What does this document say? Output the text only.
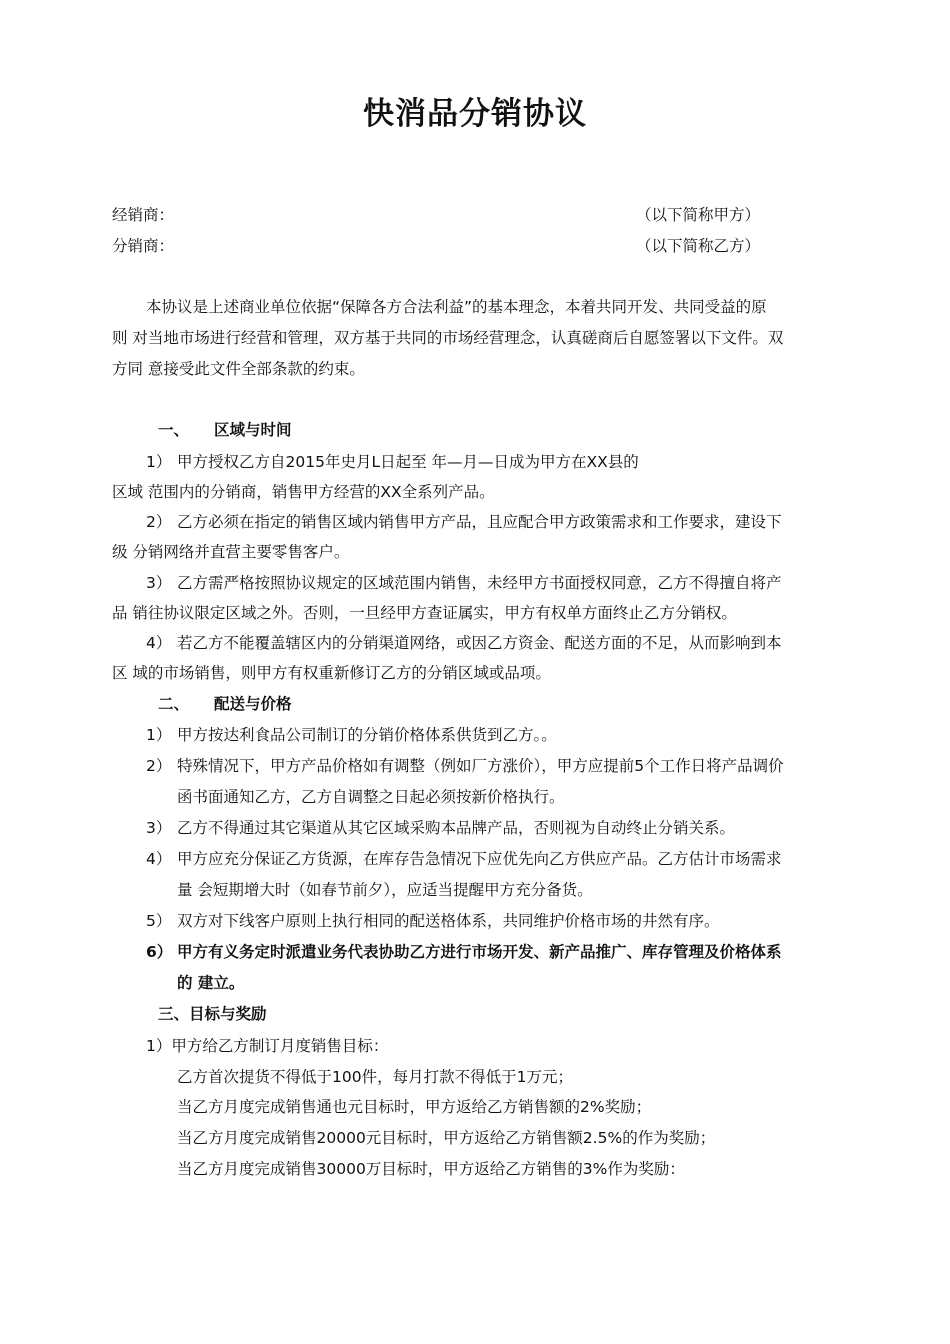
快消品分销协议
经销商：	（以下简称甲方）
分销商：	（以下简称乙方）
本协议是上述商业单位依据“保障各方合法利益”的基本理念，本着共同开发、共同受益的原
则 对当地市场进行经营和管理，双方基于共同的市场经营理念，认真磋商后自愿签署以下文件。双
方同 意接受此文件全部条款的约束。
一、 区域与时间
1） 甲方授权乙方自2015年史月L日起至 年—月—日成为甲方在XX县的
区域 范围内的分销商，销售甲方经营的XX全系列产品。
2） 乙方必须在指定的销售区域内销售甲方产品，且应配合甲方政策需求和工作要求，建设下
级 分销网络并直营主要零售客户。
3） 乙方需严格按照协议规定的区域范围内销售，未经甲方书面授权同意，乙方不得擅自将产
品 销往协议限定区域之外。否则，一旦经甲方查证属实，甲方有权单方面终止乙方分销权。
4） 若乙方不能覆盖辖区内的分销渠道网络，或因乙方资金、配送方面的不足，从而影响到本
区 域的市场销售，则甲方有权重新修订乙方的分销区域或品项。
二、 配送与价格
1） 甲方按达利食品公司制订的分销价格体系供货到乙方。。
2） 特殊情况下，甲方产品价格如有调整（例如厂方涨价），甲方应提前5个工作日将产品调价
函书面通知乙方，乙方自调整之日起必须按新价格执行。
3） 乙方不得通过其它渠道从其它区域采购本品牌产品，否则视为自动终止分销关系。
4） 甲方应充分保证乙方货源，在库存告急情况下应优先向乙方供应产品。乙方估计市场需求
量 会短期增大时（如春节前夕），应适当提醒甲方充分备货。
5） 双方对下线客户原则上执行相同的配送格体系，共同维护价格市场的井然有序。
6） 甲方有义务定时派遣业务代表协助乙方进行市场开发、新产品推广、库存管理及价格体系
的 建立。
三、目标与奖励
1）甲方给乙方制订月度销售目标：
乙方首次提货不得低于100件，每月打款不得低于1万元；
当乙方月度完成销售通也元目标时，甲方返给乙方销售额的2%奖励；
当乙方月度完成销售20000元目标时，甲方返给乙方销售额2.5%的作为奖励；
当乙方月度完成销售30000万目标时，甲方返给乙方销售的3%作为奖励：
